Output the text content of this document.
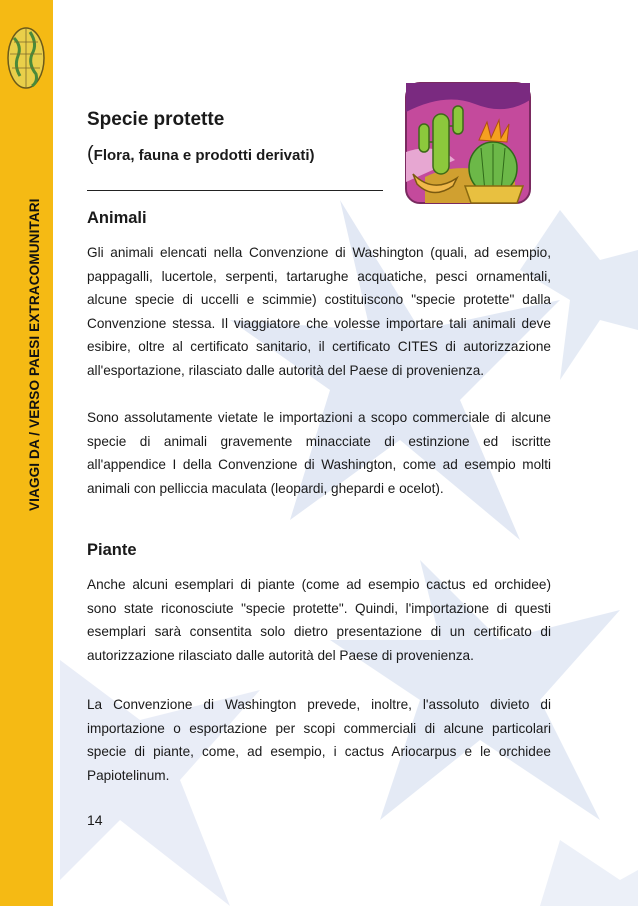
VIAGGI DA / VERSO PAESI EXTRACOMUNITARI
Specie protette

(Flora, fauna e prodotti derivati)

Animali

Gli animali elencati nella Convenzione di Washington (quali, ad esempio, pappagalli, lucertole, serpenti, tartarughe acquatiche, pesci ornamentali, alcune specie di uccelli e scimmie) costituiscono "specie protette" dalla Convenzione stessa. Il viaggiatore che volesse importare tali animali deve esibire, oltre al certificato sanitario, il certificato CITES di autorizzazione all'esportazione, rilasciato dalle autorità del Paese di provenienza.

Sono assolutamente vietate le importazioni a scopo commerciale di alcune specie di animali gravemente minacciate di estinzione ed iscritte all'appendice I della Convenzione di Washington, come ad esempio molti animali con pelliccia maculata (leopardi, ghepardi e ocelot).

Piante

Anche alcuni esemplari di piante (come ad esempio cactus ed orchidee) sono state riconosciute "specie protette". Quindi, l'importazione di questi esemplari sarà consentita solo dietro presentazione di un certificato di autorizzazione rilasciato dalle autorità del Paese di provenienza.

La Convenzione di Washington prevede, inoltre, l'assoluto divieto di importazione o esportazione per scopi commerciali di alcune particolari specie di piante, come, ad esempio, i cactus Ariocarpus e le orchidee Papiotelinum.

14
